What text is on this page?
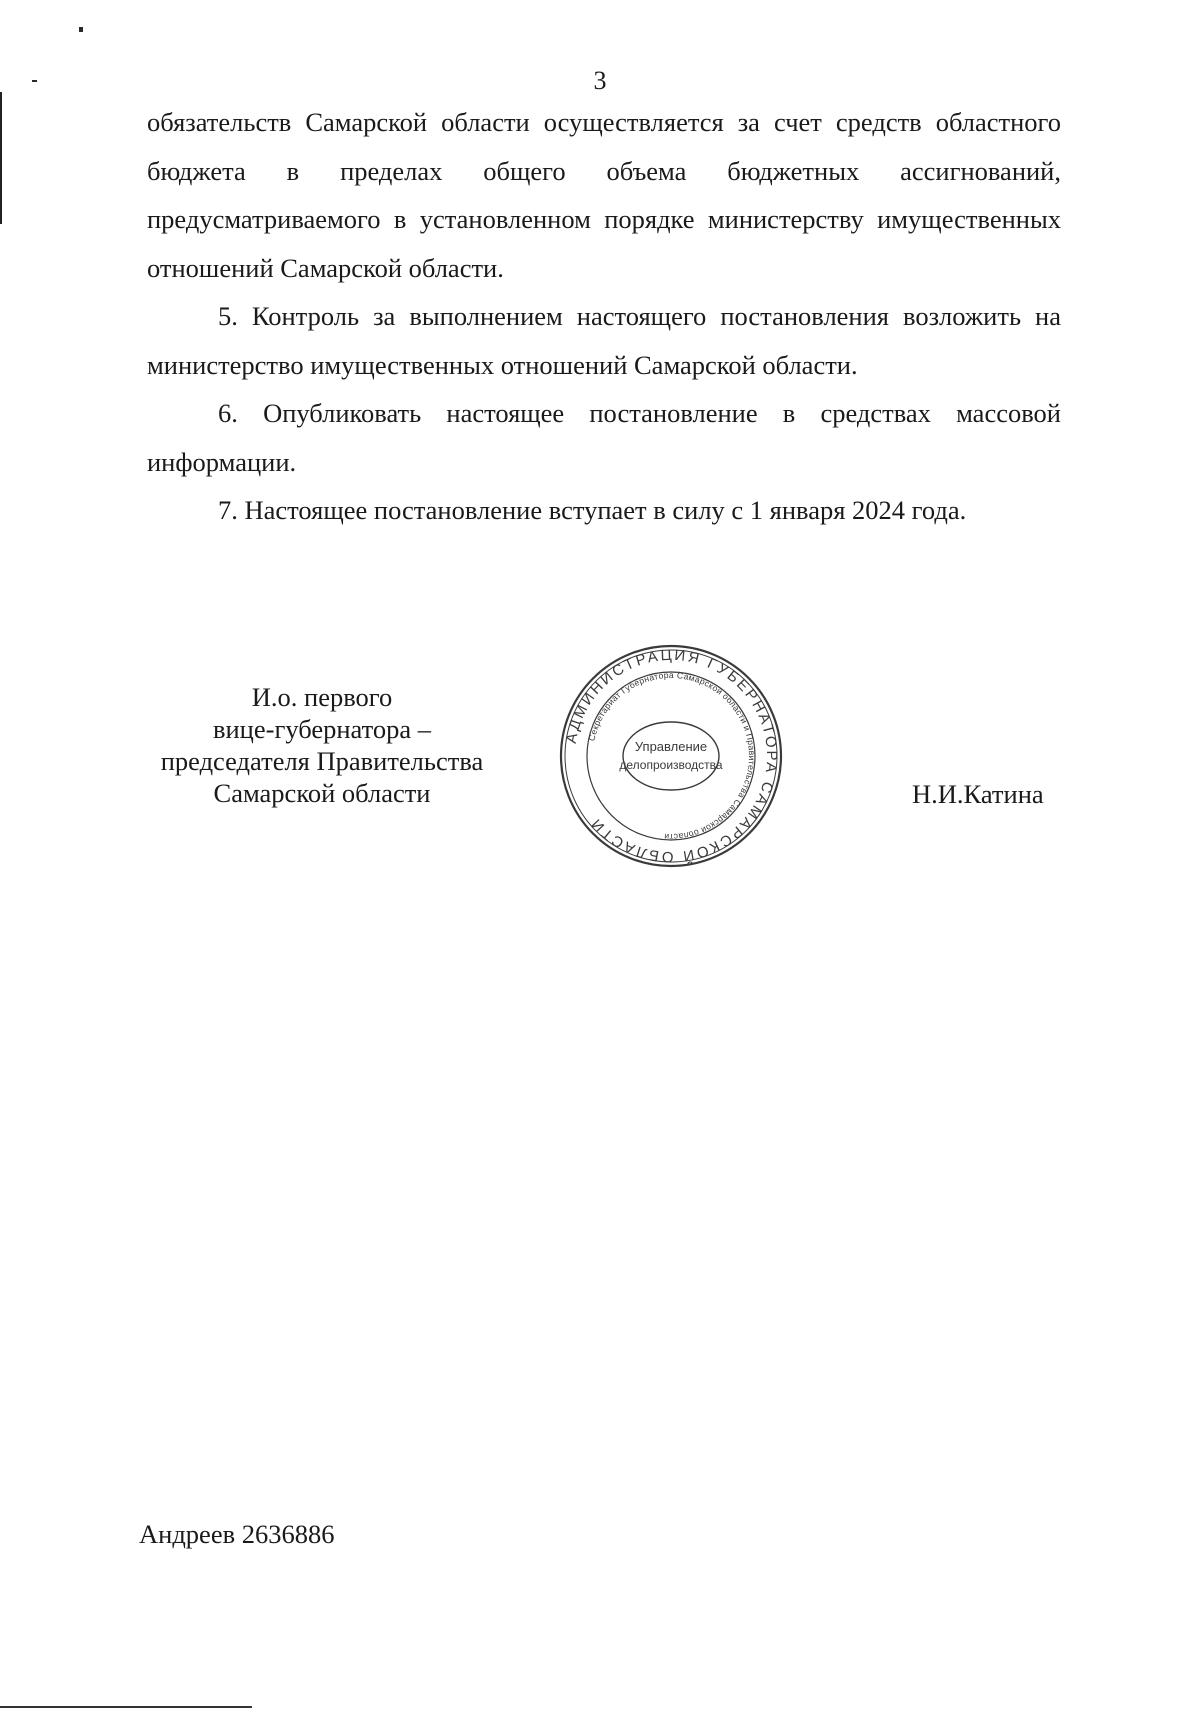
3

обязательств Самарской области осуществляется за счет средств областного бюджета в пределах общего объема бюджетных ассигнований, предусматриваемого в установленном порядке министерству имущественных отношений Самарской области.

5. Контроль за выполнением настоящего постановления возложить на министерство имущественных отношений Самарской области.

6. Опубликовать настоящее постановление в средствах массовой информации.

7. Настоящее постановление вступает в силу с 1 января 2024 года.

И.о. первого
вице-губернатора –
председателя Правительства
Самарской области
АДМИНИСТРАЦИЯ ГУБЕРНАТОРА САМАРСКОЙ ОБЛАСТИ
Секретариат Губернатора Самарской области и Правительства Самарской области
Управление
делопроизводства
Н.И.Катина
Андреев 2636886
